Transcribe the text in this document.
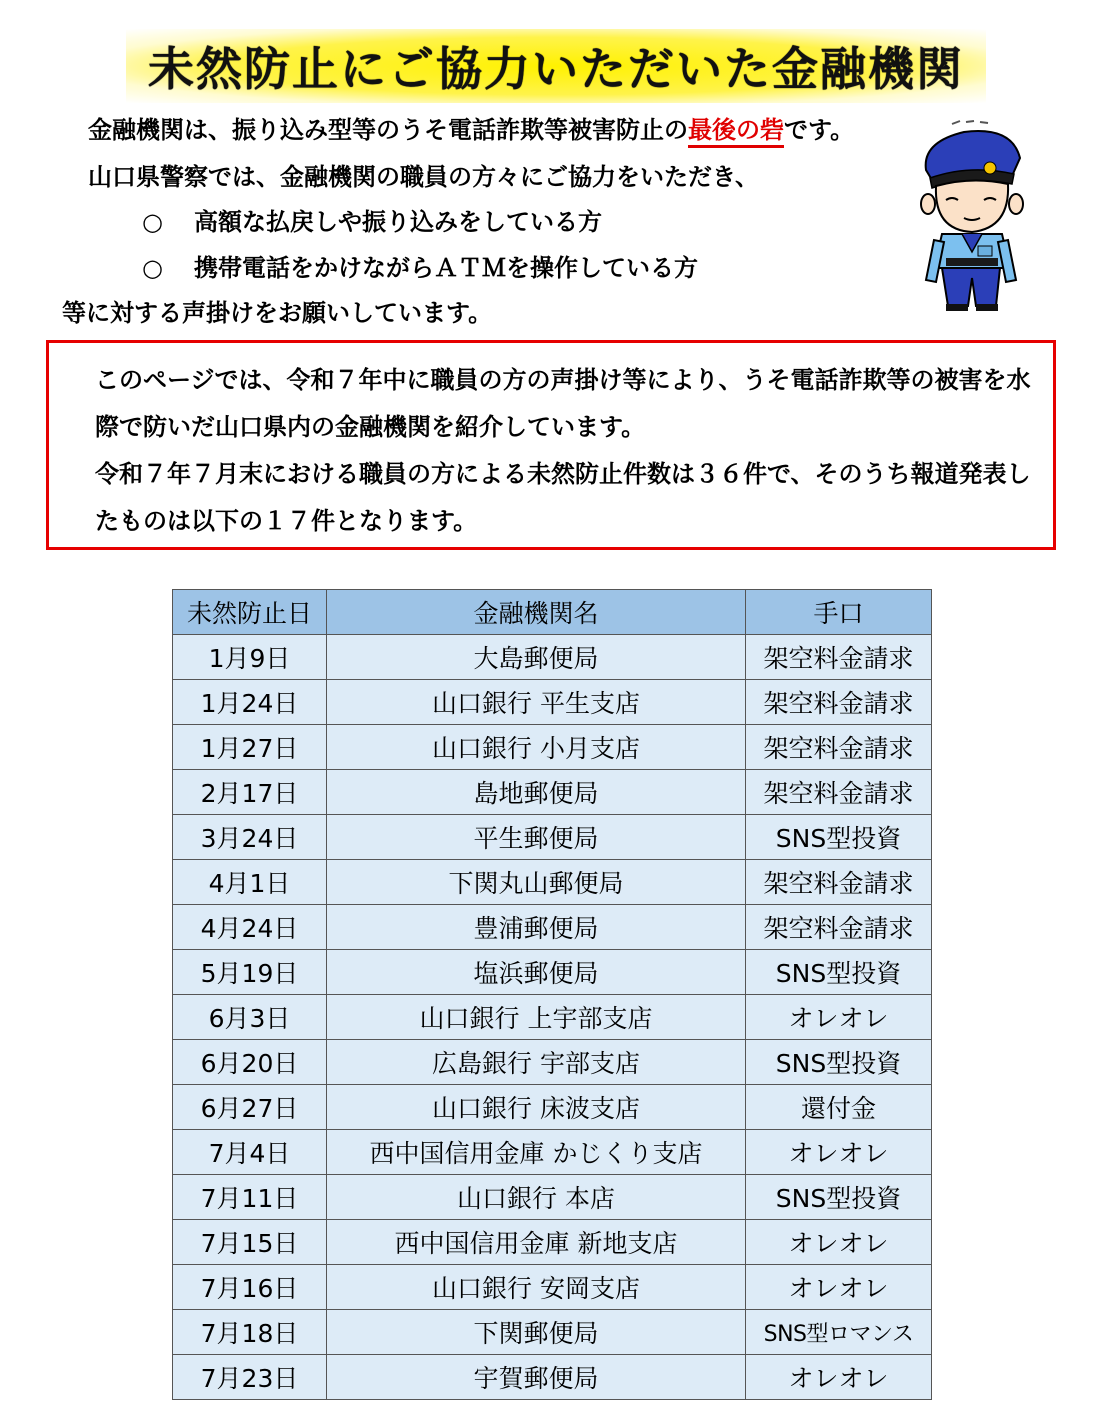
未然防止にご協力いただいた金融機関
金融機関は、振り込み型等のうそ電話詐欺等被害防止の最後の砦です。
山口県警察では、金融機関の職員の方々にご協力をいただき、
○ 高額な払戻しや振り込みをしている方
○ 携帯電話をかけながらＡＴＭを操作している方
等に対する声掛けをお願いしています。

このページでは、令和７年中に職員の方の声掛け等により、うそ電話詐欺等の被害を水際で防いだ山口県内の金融機関を紹介しています。

令和７年７月末における職員の方による未然防止件数は３６件で、そのうち報道発表したものは以下の１７件となります。

未然防止日	金融機関名	手口
1月9日	大島郵便局	架空料金請求
1月24日	山口銀行 平生支店	架空料金請求
1月27日	山口銀行 小月支店	架空料金請求
2月17日	島地郵便局	架空料金請求
3月24日	平生郵便局	SNS型投資
4月1日	下関丸山郵便局	架空料金請求
4月24日	豊浦郵便局	架空料金請求
5月19日	塩浜郵便局	SNS型投資
6月3日	山口銀行 上宇部支店	オレオレ
6月20日	広島銀行 宇部支店	SNS型投資
6月27日	山口銀行 床波支店	還付金
7月4日	西中国信用金庫 かじくり支店	オレオレ
7月11日	山口銀行 本店	SNS型投資
7月15日	西中国信用金庫 新地支店	オレオレ
7月16日	山口銀行 安岡支店	オレオレ
7月18日	下関郵便局	SNS型ロマンス
7月23日	宇賀郵便局	オレオレ
